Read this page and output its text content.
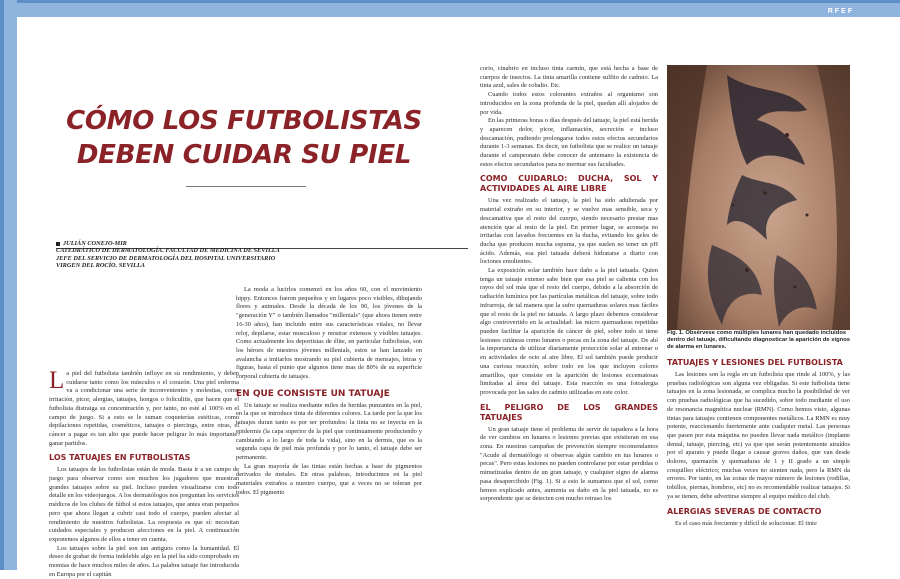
RFEF
CÓMO LOS FUTBOLISTAS
DEBEN CUIDAR SU PIEL
JULIÁN CONEJO-MIR
CATEDRÁTICO DE DERMATOLOGÍA. FACULTAD DE MEDICINA DE SEVILLA
JEFE DEL SERVICIO DE DERMATOLOGÍA DEL HOSPITAL UNIVERSITARIO
VIRGEN DEL ROCÍO. SEVILLA

La piel del futbolista también influye en su rendimiento, y deben cuidarse tanto como los músculos o el corazón. Una piel enferma va a condicionar una serie de inconvenientes y molestias, como irritación, picor, alergias, tatuajes, hongos o foliculitis, que hacen que el futbolista distraiga su concentración y, por tanto, no esté al 100% en el campo de juego. Si a esto se le suman coqueterías estéticas, como depilaciones repetidas, cosméticos, tatuajes o piercings, entre otras, el cáncer a pagar es tan alto que puede hacer peligrar lo más importante: ganar partidos.

LOS TATUAJES EN FUTBOLISTAS

Los tatuajes de los futbolistas están de moda. Basta ir a un campo de juego para observar como son muchos los jugadores que muestran grandes tatuajes sobre su piel. Incluso pueden visualizarse con todo detalle en los videojuegos. A los dermatólogos nos preguntan los servicios médicos de los clubes de fútbol si estos tatuajes, que antes eran pequeños pero que ahora llegan a cubrir casi todo el cuerpo, pueden afectar al rendimiento de nuestros futbolistas. La respuesta es que sí: necesitan cuidados especiales y producen afecciones en la piel. A continuación exponemos algunos de ellos a tener en cuenta.

Los tatuajes sobre la piel son tan antiguos como la humanidad. El deseo de grabar de forma indeleble algo en la piel ha sido comprobado en momias de hace muchos miles de años. La palabra tatuaje fue introducida en Europa por el capitán

La moda a lucirlos comenzó en los años 60, con el movimiento hippy. Entonces fueron pequeños y en lugares poco visibles, dibujando flores y animales. Desde la década de los 90, los jóvenes de la "generación Y" o también llamados "millenials" (que ahora tienen entre 16-30 años), han incluido entre sus características vitales, no llevar reloj, depilarse, estar musculoso y mostrar extensos y visibles tatuajes. Como actualmente los deportistas de élite, en particular futbolistas, son los héroes de nuestros jóvenes millenials, estos se han lanzado en avalancha a imitarlos mostrando su piel cubierta de mensajes, letras y figuras, hasta el punto que algunos tiene mas de 80% de su superficie corporal cubierta de tatuajes.

EN QUE CONSISTE UN TATUAJE

Un tatuaje se realiza mediante miles de heridas punzantes en la piel, en la que se introduce tinta de diferentes colores. La tarde por la que los tatuajes duran tanto es por ser profundos: la tinta no se inyecta en la epidermis (la capa superior de la piel que continuamente produciendo y cambiando a lo largo de toda la vida), sino en la dermis, que es la segunda capa de piel más profunda y por lo tanto, el tatuaje debe ser permanente.

La gran mayoría de las tintas están hechas a base de pigmentos derivados de metales. En otras palabras, introducimos en la piel materiales extraños a nuestro cuerpo, que a veces no se toleran por todos. El pigmento

corio, cinabrio en incluso tinta carmín, que está hecha a base de cuerpos de insectos. La tinta amarilla contiene sulfito de cadmio. La tinta azul, sales de cobalto. Etc.

Cuando todos estos colorantes extraños al organismo son introducidos en la zona profunda de la piel, quedan allí alojados de por vida.

En las primeras horas o días después del tatuaje, la piel está herida y aparecen dolor, picor, inflamación, secreción e incluso descamación, pudiendo prolongarse todos estos efectos secundarios durante 1-3 semanas. En decir, un futbolista que se realice un tatuaje durante el campeonato debe conocer de antemano la existencia de estos efectos secundarios para no mermar sus facultades.

COMO CUIDARLO: DUCHA, SOL Y ACTIVIDADES AL AIRE LIBRE

Una vez realizado el tatuaje, la piel ha sido adulterada por material extraño en su interior, y se vuelve mas sensible, seca y descamativa que el resto del cuerpo, siendo necesario prestar mas atención que al resto de la piel. En primer lugar, se aconseja no irritarlas con lavados frecuentes en la ducha, evitando los geles de ducha que producen mucha espuma, ya que suelen no tener un pH ácido. Además, esa piel tatuada deberá hidratarse a diario con lociones emolientes.

La exposición solar también hace daño a la piel tatuada. Quien tenga un tatuaje extenso sabe bien que esa piel se calienta con los rayos del sol más que el resto del cuerpo, debido a la absorción de radiación lumínica por las partículas metálicas del tatuaje, sobre todo infrarroja, de tal manera que la sufre quemaduras solares mas fáciles que el resto de la piel no tatuada. A largo plazo debemos considerar algo controvertido en la actualidad: las micro quemaduras repetidas pueden facilitar la aparición de cáncer de piel, sobre todo si tiene lesiones cutáneas como lunares o pecas en la zona del tatuaje. De ahí la importancia de utilizar diariamente protección solar al entrenar o en actividades de ocio al aire libre. El sol también puede producir una curiosa reacción, sobre todo en los que incluyen colores amarillos, que consiste en la aparición de lesiones eccematosas limitadas al área del tatuaje. Esta reacción es una fotoalergia provocada por las sales de cadmio utilizadas en este color.

EL PELIGRO DE LOS GRANDES TATUAJES

Un gran tatuaje tiene el problema de servir de tapadera a la hora de ver cambios en lunares o lesiones previas que existieran en esa zona. En nuestras campañas de prevención siempre recomendamos "Acude al dermatólogo si observas algún cambio en tus lunares o pecas". Pero estas lesiones no pueden controlarse por estar perdidas o mimetizadas dentro de un gran tatuaje, y cualquier signo de alarma pasa desapercibido (Fig. 1). Si a esto le sumamos que el sol, como hemos explicado antes, aumenta su daño en la piel tatuada, no es sorprendente que se detecten con mucho retraso los

Fig. 1. Obsérvese como múltiples lunares han quedado incluidos dentro del tatuaje, dificultando diagnosticar la aparición de signos de alarma en lunares.
TATUAJES Y LESIONES DEL FUTBOLISTA

Las lesiones son la regla en un futbolista que rinde al 100%, y las pruebas radiológicas son alguna vez obligadas. Si este futbolista tiene tatuajes en la zona lesionada, se complica mucho la posibilidad de ver con pruebas radiológicas que ha sucedido, sobre todo mediante el uso de resonancia magnética nuclear (RMN). Como hemos visto, algunas tintas para tatuajes contienen componentes metálicos. La RMN es muy potente, reaccionando fuertemente ante cualquier metal. Las personas que pasen por esta máquina no pueden llevar nada metálico (implante dental, tatuaje, piercing, etc) ya que que serán potentemente atraídos por el aparato y puede llegar a causar graves daños, que van desde dolores, quemazón y quemaduras de 1 y II grado a un simple cosquilleo eléctrico; muchas veces no sienten nada, pero la RMN da errores. Por tanto, en las zonas de mayor número de lesiones (rodillas, tobillos, piernas, hombros, etc) no es recomendable realizar tatuajes. Si ya se tienen, debe advertirse siempre al equipo médico del club.

ALERGIAS SEVERAS DE CONTACTO

Es el caso más frecuente y difícil de solucionar. El tinte
